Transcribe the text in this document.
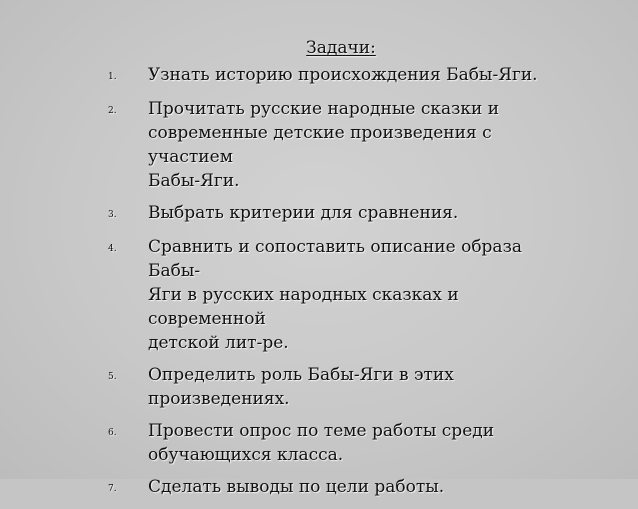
Задачи:
1.	Узнать историю происхождения Бабы-Яги.
2.	Прочитать русские народные сказки и
современные детские произведения с участием
Бабы-Яги.
3.	Выбрать критерии для сравнения.
4.	Сравнить и сопоставить описание образа Бабы-
Яги в русских народных сказках и современной
детской лит-ре.
5.	Определить роль Бабы-Яги в этих
произведениях.
6.	Провести опрос по теме работы среди
обучающихся класса.
7.	Сделать выводы по цели работы.
